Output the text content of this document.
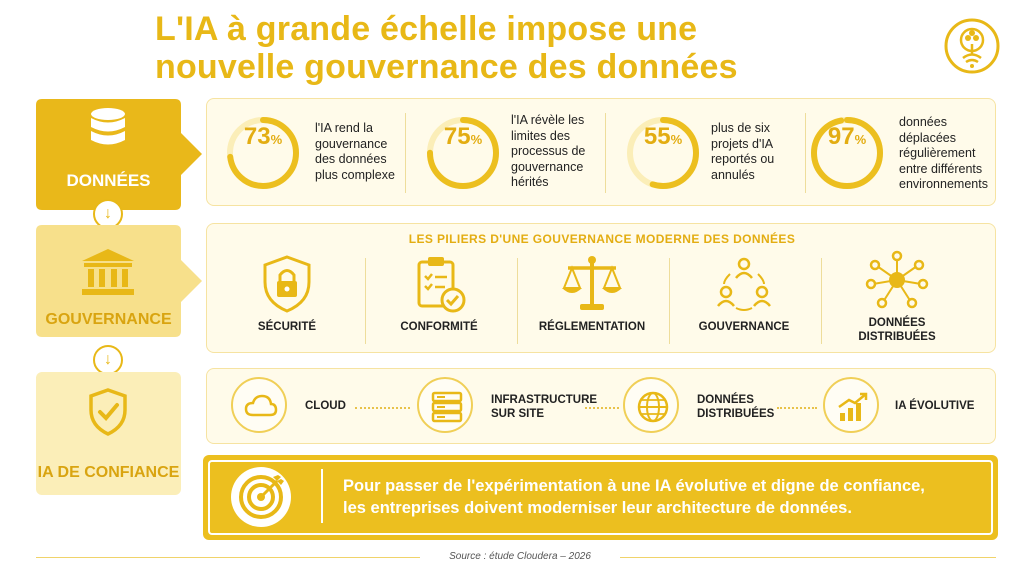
L'IA à grande échelle impose une
nouvelle gouvernance des données
DONNÉES
↓
GOUVERNANCE
↓
IA DE CONFIANCE
73%
l'IA rend la
gouvernance
des données
plus complexe
75%
l'IA révèle les
limites des
processus de
gouvernance
hérités
55%
plus de six
projets d'IA
reportés ou
annulés
97%
données
déplacées
régulièrement
entre différents
environnements
LES PILIERS D'UNE GOUVERNANCE MODERNE DES DONNÉES
SÉCURITÉ	CONFORMITÉ	RÉGLEMENTATION	GOUVERNANCE	DONNÉES
DISTRIBUÉES
CLOUD	INFRASTRUCTURE
SUR SITE
DONNÉES
DISTRIBUÉES
IA ÉVOLUTIVE
Pour passer de l'expérimentation à une IA évolutive et digne de confiance,
les entreprises doivent moderniser leur architecture de données.
Source : étude Cloudera – 2026
